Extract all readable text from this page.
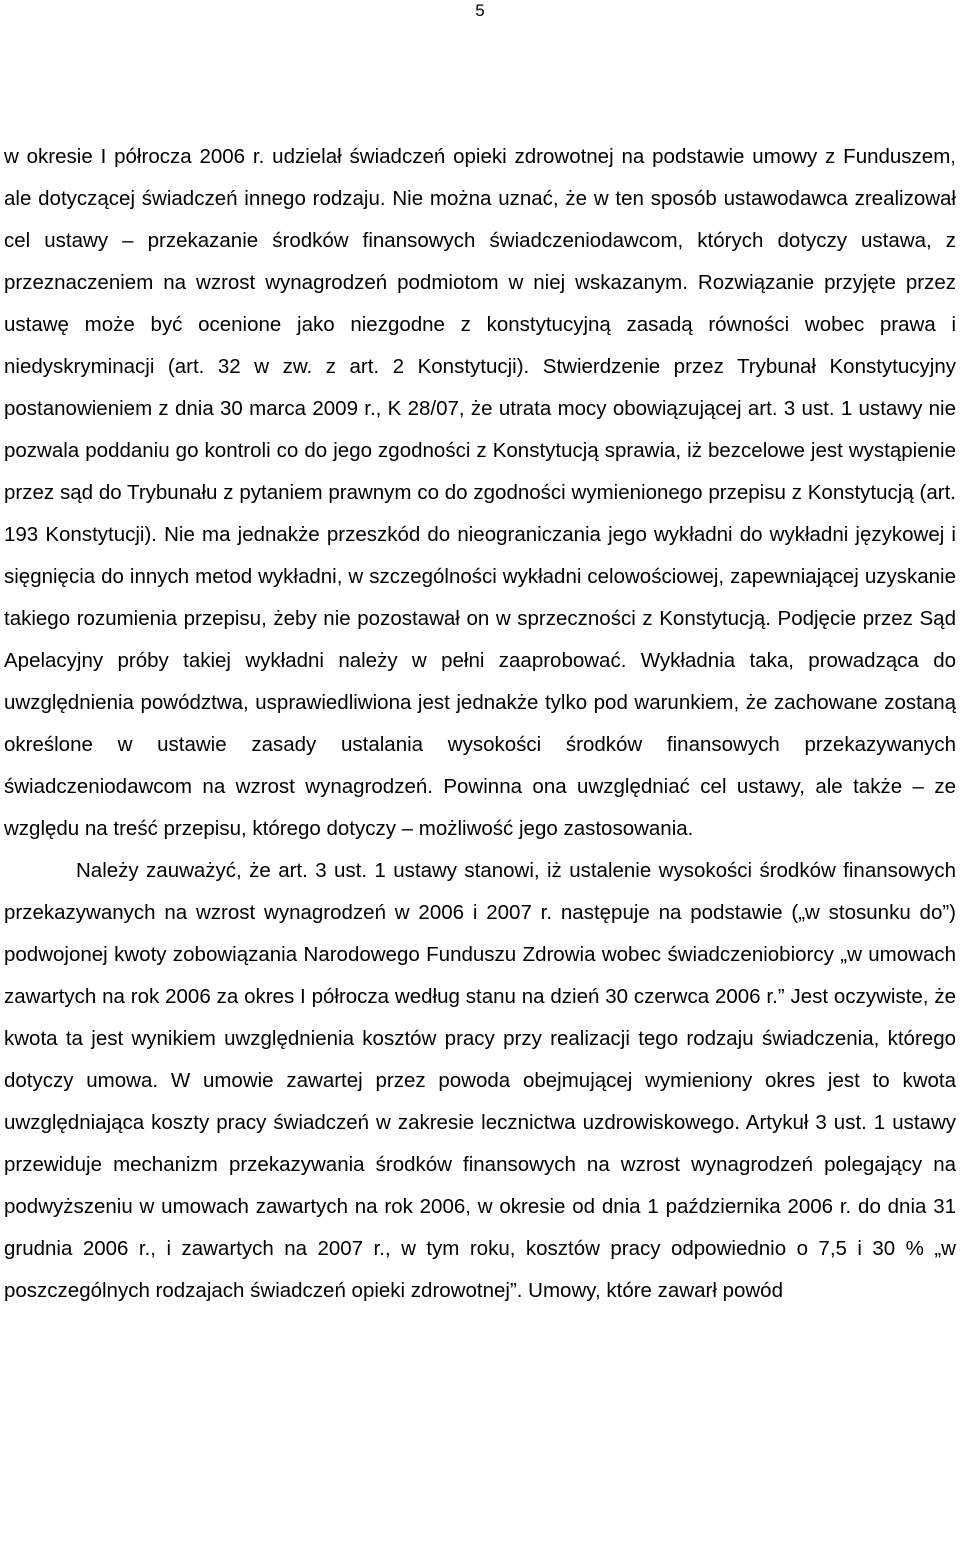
5

w okresie I półrocza 2006 r. udzielał świadczeń opieki zdrowotnej na podstawie umowy z Funduszem, ale dotyczącej świadczeń innego rodzaju. Nie można uznać, że w ten sposób ustawodawca zrealizował cel ustawy – przekazanie środków finansowych świadczeniodawcom, których dotyczy ustawa, z przeznaczeniem na wzrost wynagrodzeń podmiotom w niej wskazanym. Rozwiązanie przyjęte przez ustawę może być ocenione jako niezgodne z konstytucyjną zasadą równości wobec prawa i niedyskryminacji (art. 32 w zw. z art. 2 Konstytucji). Stwierdzenie przez Trybunał Konstytucyjny postanowieniem z dnia 30 marca 2009 r., K 28/07, że utrata mocy obowiązującej art. 3 ust. 1 ustawy nie pozwala poddaniu go kontroli co do jego zgodności z Konstytucją sprawia, iż bezcelowe jest wystąpienie przez sąd do Trybunału z pytaniem prawnym co do zgodności wymienionego przepisu z Konstytucją (art. 193 Konstytucji). Nie ma jednakże przeszkód do nieograniczania jego wykładni do wykładni językowej i sięgnięcia do innych metod wykładni, w szczególności wykładni celowościowej, zapewniającej uzyskanie takiego rozumienia przepisu, żeby nie pozostawał on w sprzeczności z Konstytucją. Podjęcie przez Sąd Apelacyjny próby takiej wykładni należy w pełni zaaprobować. Wykładnia taka, prowadząca do uwzględnienia powództwa, usprawiedliwiona jest jednakże tylko pod warunkiem, że zachowane zostaną określone w ustawie zasady ustalania wysokości środków finansowych przekazywanych świadczeniodawcom na wzrost wynagrodzeń. Powinna ona uwzględniać cel ustawy, ale także – ze względu na treść przepisu, którego dotyczy – możliwość jego zastosowania.

Należy zauważyć, że art. 3 ust. 1 ustawy stanowi, iż ustalenie wysokości środków finansowych przekazywanych na wzrost wynagrodzeń w 2006 i 2007 r. następuje na podstawie („w stosunku do”) podwojonej kwoty zobowiązania Narodowego Funduszu Zdrowia wobec świadczeniobiorcy „w umowach zawartych na rok 2006 za okres I półrocza według stanu na dzień 30 czerwca 2006 r.” Jest oczywiste, że kwota ta jest wynikiem uwzględnienia kosztów pracy przy realizacji tego rodzaju świadczenia, którego dotyczy umowa. W umowie zawartej przez powoda obejmującej wymieniony okres jest to kwota uwzględniająca koszty pracy świadczeń w zakresie lecznictwa uzdrowiskowego. Artykuł 3 ust. 1 ustawy przewiduje mechanizm przekazywania środków finansowych na wzrost wynagrodzeń polegający na podwyższeniu w umowach zawartych na rok 2006, w okresie od dnia 1 października 2006 r. do dnia 31 grudnia 2006 r., i zawartych na 2007 r., w tym roku, kosztów pracy odpowiednio o 7,5 i 30 % „w poszczególnych rodzajach świadczeń opieki zdrowotnej”. Umowy, które zawarł powód
